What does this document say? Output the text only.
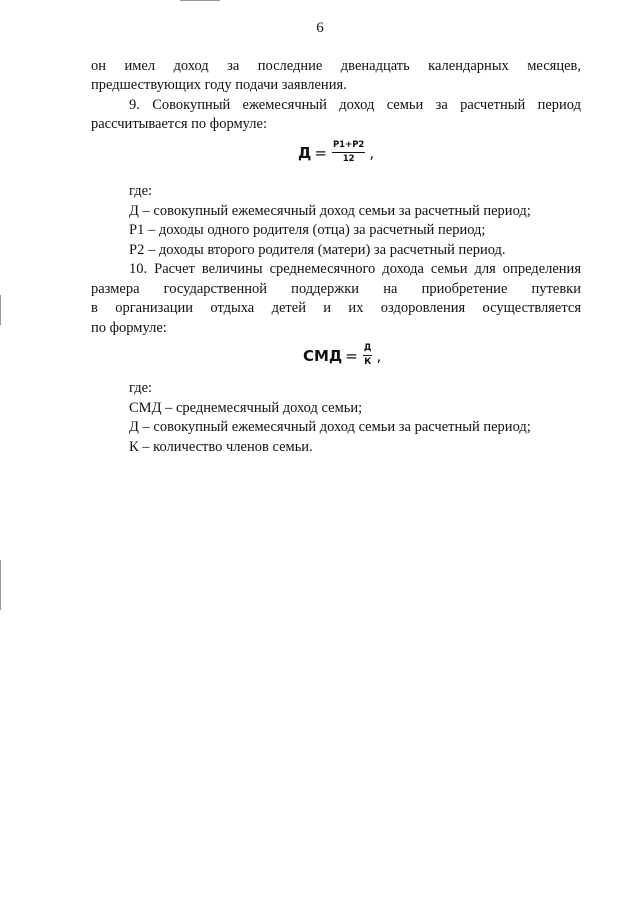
6
он имел доход за последние двенадцать календарных месяцев,
предшествующих году подачи заявления.
9. Совокупный ежемесячный доход семьи за расчетный период
рассчитывается по формуле:
$Д = \frac{Р1+Р2}{12}$ ,
где:
Д – совокупный ежемесячный доход семьи за расчетный период;
Р1 – доходы одного родителя (отца) за расчетный период;
Р2 – доходы второго родителя (матери) за расчетный период.
10. Расчет величины среднемесячного дохода семьи для определения
размера государственной поддержки на приобретение путевки
в организации отдыха детей и их оздоровления осуществляется
по формуле:
СМД = $\frac{Д}{К}$ ,
где:
СМД – среднемесячный доход семьи;
Д – совокупный ежемесячный доход семьи за расчетный период;
К – количество членов семьи.
